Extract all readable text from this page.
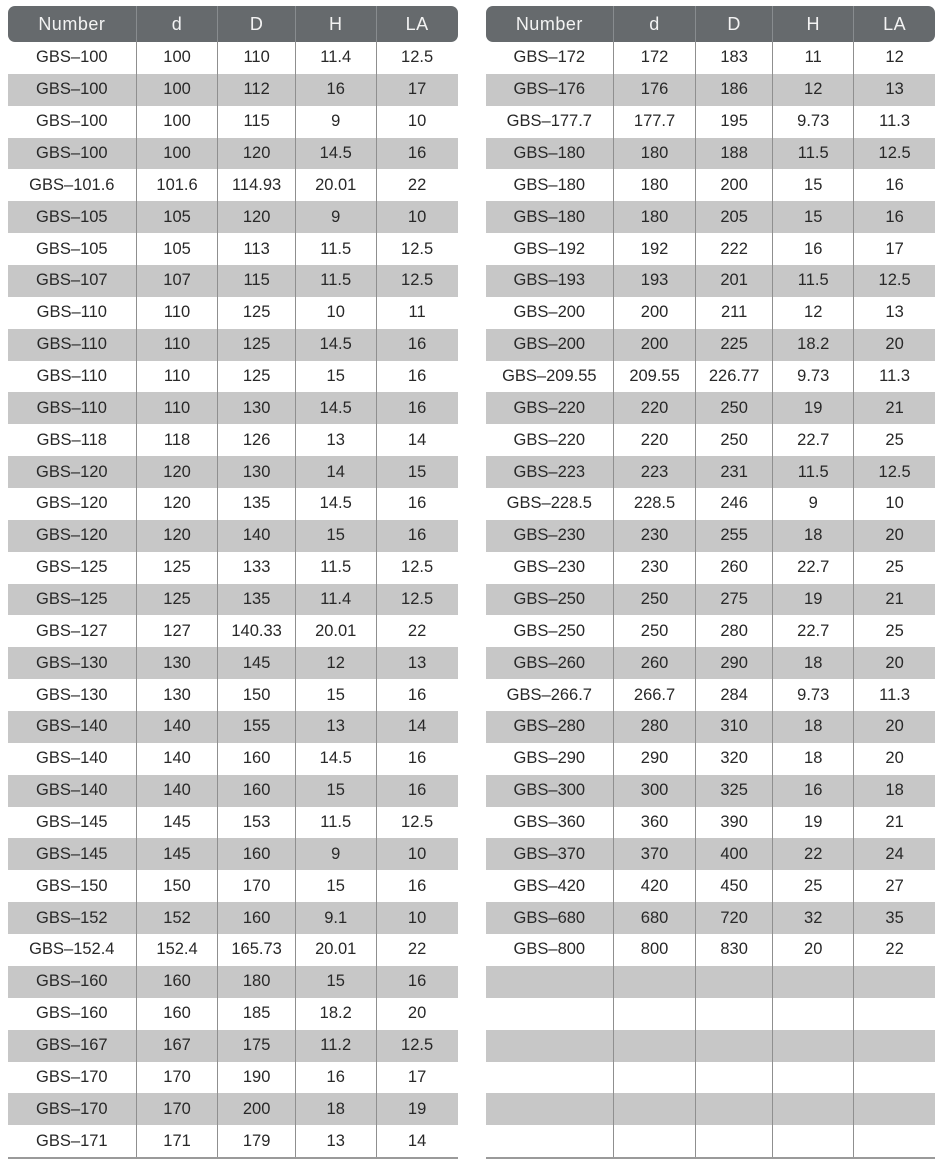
Number	d	D	H	LA
GBS–100	100	110	11.4	12.5
GBS–100	100	112	16	17
GBS–100	100	115	9	10
GBS–100	100	120	14.5	16
GBS–101.6	101.6	114.93	20.01	22
GBS–105	105	120	9	10
GBS–105	105	113	11.5	12.5
GBS–107	107	115	11.5	12.5
GBS–110	110	125	10	11
GBS–110	110	125	14.5	16
GBS–110	110	125	15	16
GBS–110	110	130	14.5	16
GBS–118	118	126	13	14
GBS–120	120	130	14	15
GBS–120	120	135	14.5	16
GBS–120	120	140	15	16
GBS–125	125	133	11.5	12.5
GBS–125	125	135	11.4	12.5
GBS–127	127	140.33	20.01	22
GBS–130	130	145	12	13
GBS–130	130	150	15	16
GBS–140	140	155	13	14
GBS–140	140	160	14.5	16
GBS–140	140	160	15	16
GBS–145	145	153	11.5	12.5
GBS–145	145	160	9	10
GBS–150	150	170	15	16
GBS–152	152	160	9.1	10
GBS–152.4	152.4	165.73	20.01	22
GBS–160	160	180	15	16
GBS–160	160	185	18.2	20
GBS–167	167	175	11.2	12.5
GBS–170	170	190	16	17
GBS–170	170	200	18	19
GBS–171	171	179	13	14
Number	d	D	H	LA
GBS–172	172	183	11	12
GBS–176	176	186	12	13
GBS–177.7	177.7	195	9.73	11.3
GBS–180	180	188	11.5	12.5
GBS–180	180	200	15	16
GBS–180	180	205	15	16
GBS–192	192	222	16	17
GBS–193	193	201	11.5	12.5
GBS–200	200	211	12	13
GBS–200	200	225	18.2	20
GBS–209.55	209.55	226.77	9.73	11.3
GBS–220	220	250	19	21
GBS–220	220	250	22.7	25
GBS–223	223	231	11.5	12.5
GBS–228.5	228.5	246	9	10
GBS–230	230	255	18	20
GBS–230	230	260	22.7	25
GBS–250	250	275	19	21
GBS–250	250	280	22.7	25
GBS–260	260	290	18	20
GBS–266.7	266.7	284	9.73	11.3
GBS–280	280	310	18	20
GBS–290	290	320	18	20
GBS–300	300	325	16	18
GBS–360	360	390	19	21
GBS–370	370	400	22	24
GBS–420	420	450	25	27
GBS–680	680	720	32	35
GBS–800	800	830	20	22
